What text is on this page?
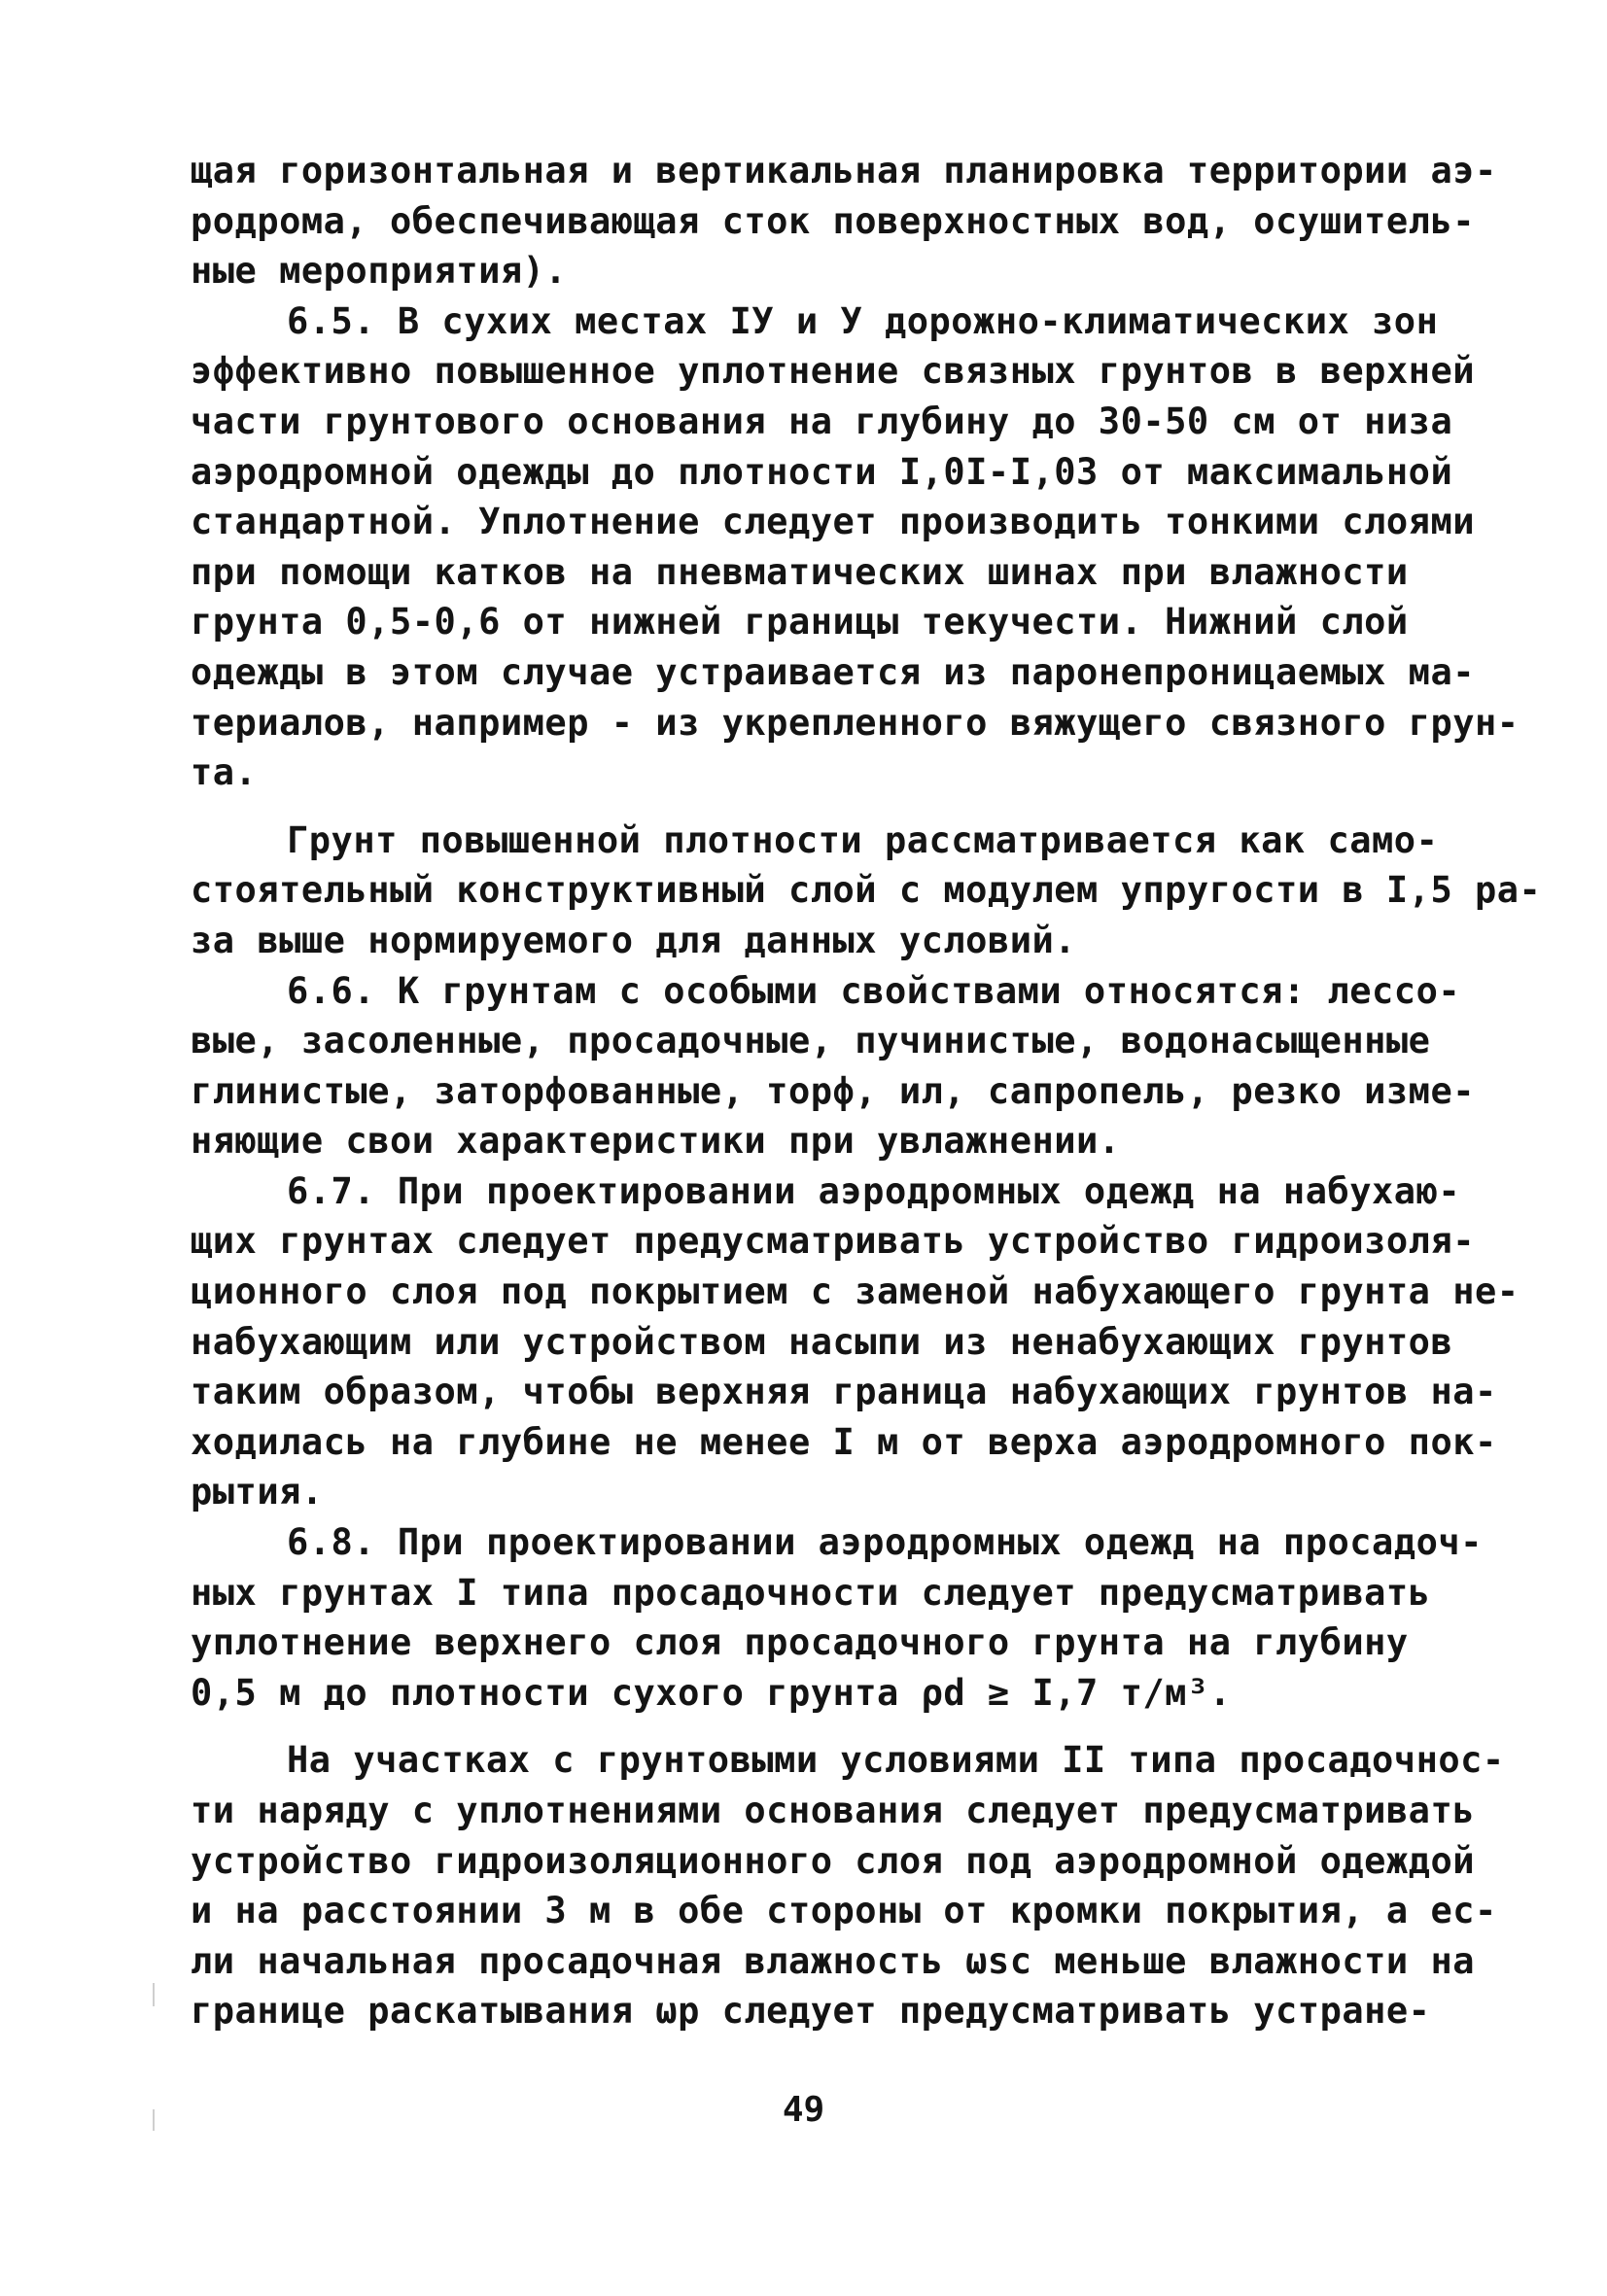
щая горизонтальная и вертикальная планировка территории аэ-
родрома, обеспечивающая сток поверхностных вод, осушитель-
ные мероприятия).
6.5. В сухих местах IУ и У дорожно-климатических зон
эффективно повышенное уплотнение связных грунтов в верхней
части грунтового основания на глубину до 30-50 см от низа
аэродромной одежды до плотности I,0I-I,03 от максимальной
стандартной. Уплотнение следует производить тонкими слоями
при помощи катков на пневматических шинах при влажности
грунта 0,5-0,6 от нижней границы текучести. Нижний слой
одежды в этом случае устраивается из паронепроницаемых ма-
териалов, например - из укрепленного вяжущего связного грун-
та.
Грунт повышенной плотности рассматривается как само-
стоятельный конструктивный слой с модулем упругости в I,5 ра-
за выше нормируемого для данных условий.
6.6. К грунтам с особыми свойствами относятся: лессо-
вые, засоленные, просадочные, пучинистые, водонасыщенные
глинистые, заторфованные, торф, ил, сапропель, резко изме-
няющие свои характеристики при увлажнении.
6.7. При проектировании аэродромных одежд на набухаю-
щих грунтах следует предусматривать устройство гидроизоля-
ционного слоя под покрытием с заменой набухающего грунта не-
набухающим или устройством насыпи из ненабухающих грунтов
таким образом, чтобы верхняя граница набухающих грунтов на-
ходилась на глубине не менее I м от верха аэродромного пок-
рытия.
6.8. При проектировании аэродромных одежд на просадоч-
ных грунтах I типа просадочности следует предусматривать
уплотнение верхнего слоя просадочного грунта на глубину
0,5 м до плотности сухого грунта ρd ≥ I,7 т/м³.
На участках с грунтовыми условиями II типа просадочнос-
ти наряду с уплотнениями основания следует предусматривать
устройство гидроизоляционного слоя под аэродромной одеждой
и на расстоянии 3 м в обе стороны от кромки покрытия, а ес-
ли начальная просадочная влажность ωsc меньше влажности на
границе раскатывания ωp следует предусматривать устране-
49
